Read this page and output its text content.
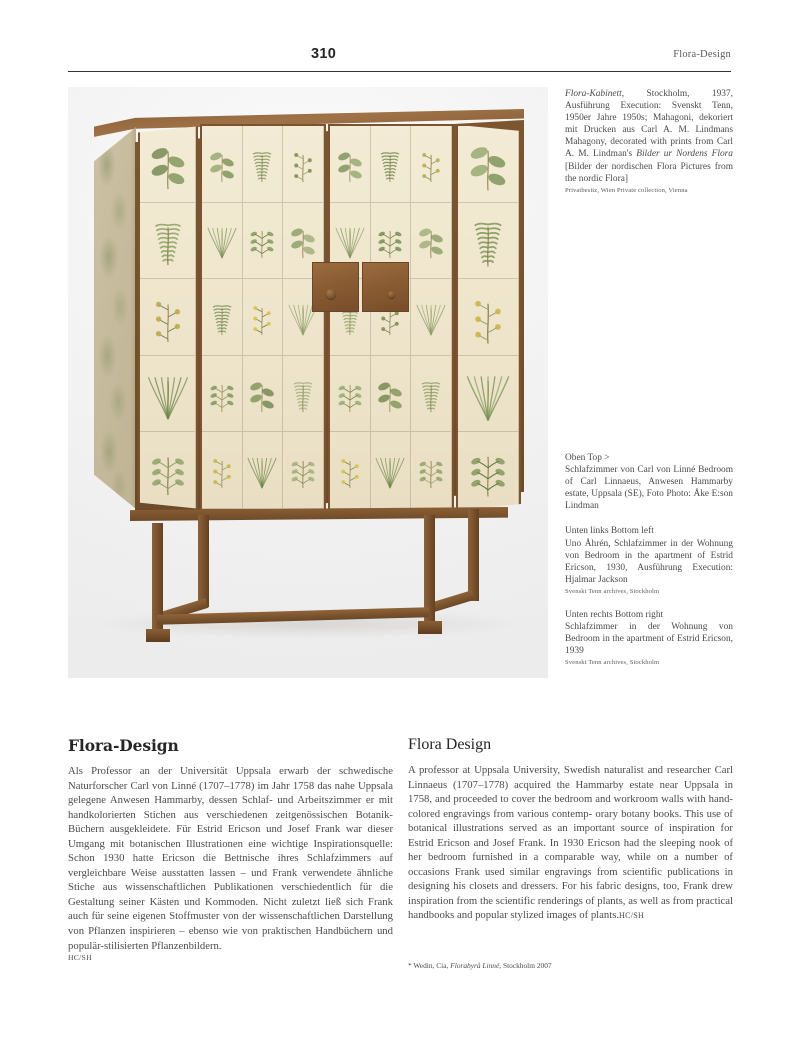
310	Flora-Design
Flora-Kabinett, Stockholm, 1937, Ausführung Execution: Svenskt Tenn, 1950er Jahre 1950s; Mahagoni, dekoriert mit Drucken aus Carl A. M. Lindmans Mahagony, decorated with prints from Carl A. M. Lindman's Bilder ur Nordens Flora [Bilder der nordischen Flora Pictures from the nordic Flora]
Privatbesitz, Wien Private collection, Vienna
Oben Top >
Schlafzimmer von Carl von Linné Bedroom of Carl Linnaeus, Anwesen Hammarby estate, Uppsala (SE), Foto Photo: Åke E:son Lindman
Unten links Bottom left
Uno Åhrén, Schlafzimmer in der Wohnung von Bedroom in the apartment of Estrid Ericson, 1930, Ausführung Execution: Hjalmar Jackson
Svenskt Tenn archives, Stockholm
Unten rechts Bottom right
Schlafzimmer in der Wohnung von Bedroom in the apartment of Estrid Ericson, 1939
Svenskt Tenn archives, Stockholm
Flora-Design
Als Professor an der Universität Uppsala erwarb der schwedische Naturforscher Carl von Linné (1707–1778) im Jahr 1758 das nahe Uppsala gelegene Anwesen Hammarby, dessen Schlaf- und Arbeitszimmer er mit handkolorierten Stichen aus verschiedenen zeitgenössischen Botanik-Büchern ausgekleidete. Für Estrid Ericson und Josef Frank war dieser Umgang mit botanischen Illustrationen eine wichtige Inspirationsquelle: Schon 1930 hatte Ericson die Bettnische ihres Schlafzimmers auf vergleichbare Weise ausstatten lassen – und Frank verwendete ähnliche Stiche aus wissenschaftlichen Publikationen verschiedentlich für die Gestaltung seiner Kästen und Kommoden. Nicht zuletzt ließ sich Frank auch für seine eigenen Stoffmuster von der wissenschaftlichen Darstellung von Pflanzen inspirieren – ebenso wie von praktischen Handbüchern und populär-stilisierten Pflanzenbildern.
HC/SH
Flora Design
A professor at Uppsala University, Swedish naturalist and researcher Carl Linnaeus (1707–1778) acquired the Hammarby estate near Uppsala in 1758, and proceeded to cover the bedroom and workroom walls with hand-colored engravings from various contemp- orary botany books. This use of botanical illustrations served as an important source of inspiration for Estrid Ericson and Josef Frank. In 1930 Ericson had the sleeping nook of her bedroom furnished in a comparable way, while on a number of occasions Frank used similar engravings from scientific publications in designing his closets and dressers. For his fabric designs, too, Frank drew inspiration from the scientific renderings of plants, as well as from practical handbooks and popular stylized images of plants.HC/SH
* Wedin, Cia, Florabyrå Linné, Stockholm 2007
